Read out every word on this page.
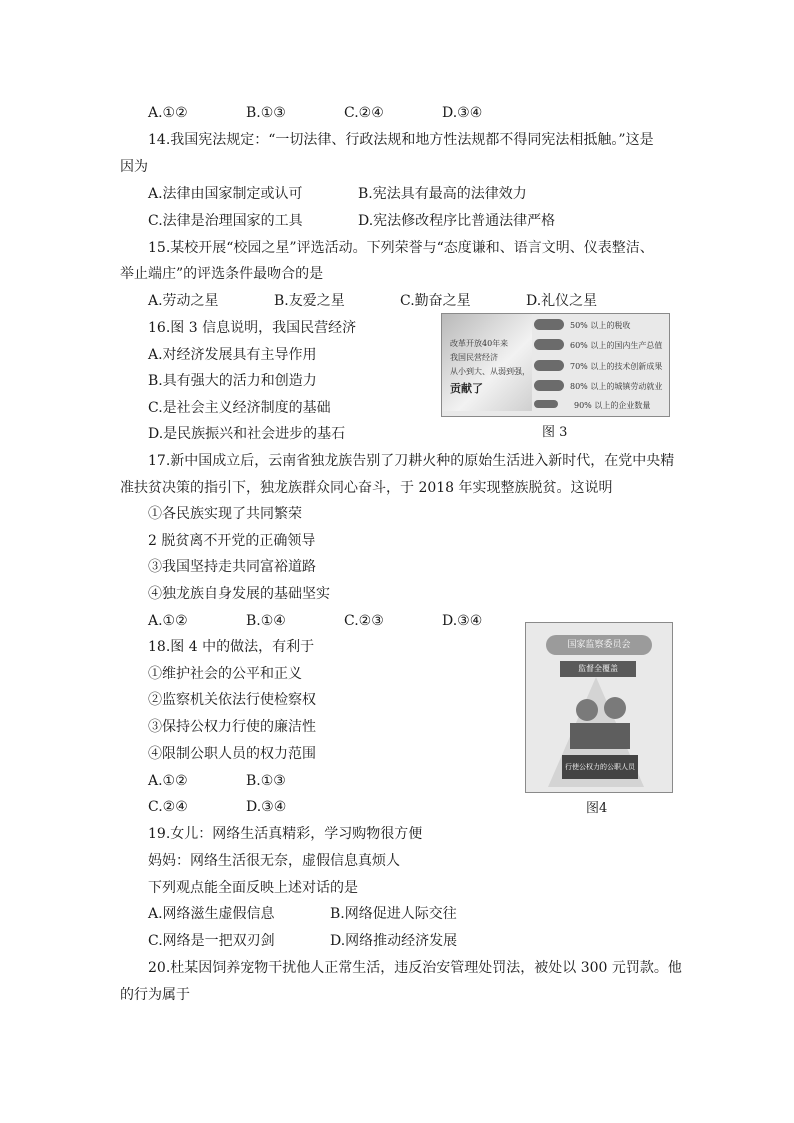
A.①②	B.①③	C.②④	D.③④
14.我国宪法规定：“一切法律、行政法规和地方性法规都不得同宪法相抵触。”这是
因为
A.法律由国家制定或认可	B.宪法具有最高的法律效力
C.法律是治理国家的工具	D.宪法修改程序比普通法律严格
15.某校开展“校园之星”评选活动。下列荣誉与“态度谦和、语言文明、仪表整洁、
举止端庄”的评选条件最吻合的是
A.劳动之星	B.友爱之星	C.勤奋之星	D.礼仪之星
16.图 3 信息说明，我国民营经济
A.对经济发展具有主导作用
B.具有强大的活力和创造力
C.是社会主义经济制度的基础
D.是民族振兴和社会进步的基石
改革开放40年来
我国民营经济
从小到大、从弱到强，
贡献了
50% 以上的税收
60% 以上的国内生产总值
70% 以上的技术创新成果
80% 以上的城镇劳动就业
90% 以上的企业数量
图 3
17.新中国成立后，云南省独龙族告别了刀耕火种的原始生活进入新时代，在党中央精
准扶贫决策的指引下，独龙族群众同心奋斗，于 2018 年实现整族脱贫。这说明
①各民族实现了共同繁荣
2 脱贫离不开党的正确领导
③我国坚持走共同富裕道路
④独龙族自身发展的基础坚实
A.①②	B.①④	C.②③	D.③④
18.图 4 中的做法，有利于
①维护社会的公平和正义
②监察机关依法行使检察权
③保持公权力行使的廉洁性
④限制公职人员的权力范围
A.①②	B.①③
C.②④	D.③④
国家监察委员会
监督全覆盖
行使公权力的公职人员
图4
19.女儿：网络生活真精彩，学习购物很方便
妈妈：网络生活很无奈，虚假信息真烦人
下列观点能全面反映上述对话的是
A.网络滋生虚假信息	B.网络促进人际交往
C.网络是一把双刃剑	D.网络推动经济发展
20.杜某因饲养宠物干扰他人正常生活，违反治安管理处罚法，被处以 300 元罚款。他
的行为属于
